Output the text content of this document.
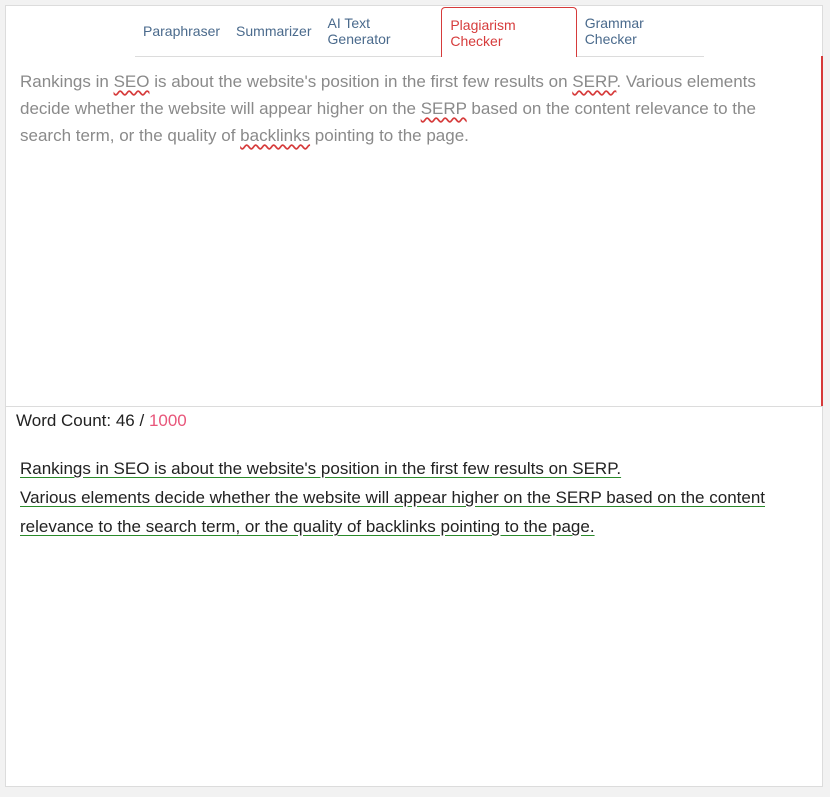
Paraphraser	Summarizer	AI Text Generator
Plagiarism Checker
Grammar Checker
Rankings in SEO is about the website's position in the first few results on SERP. Various elements decide whether the website will appear higher on the SERP based on the content relevance to the search term, or the quality of backlinks pointing to the page.
Word Count: 46 / 1000
Rankings in SEO is about the website's position in the first few results on SERP.
Various elements decide whether the website will appear higher on the SERP based on the content relevance to the search term, or the quality of backlinks pointing to the page.
